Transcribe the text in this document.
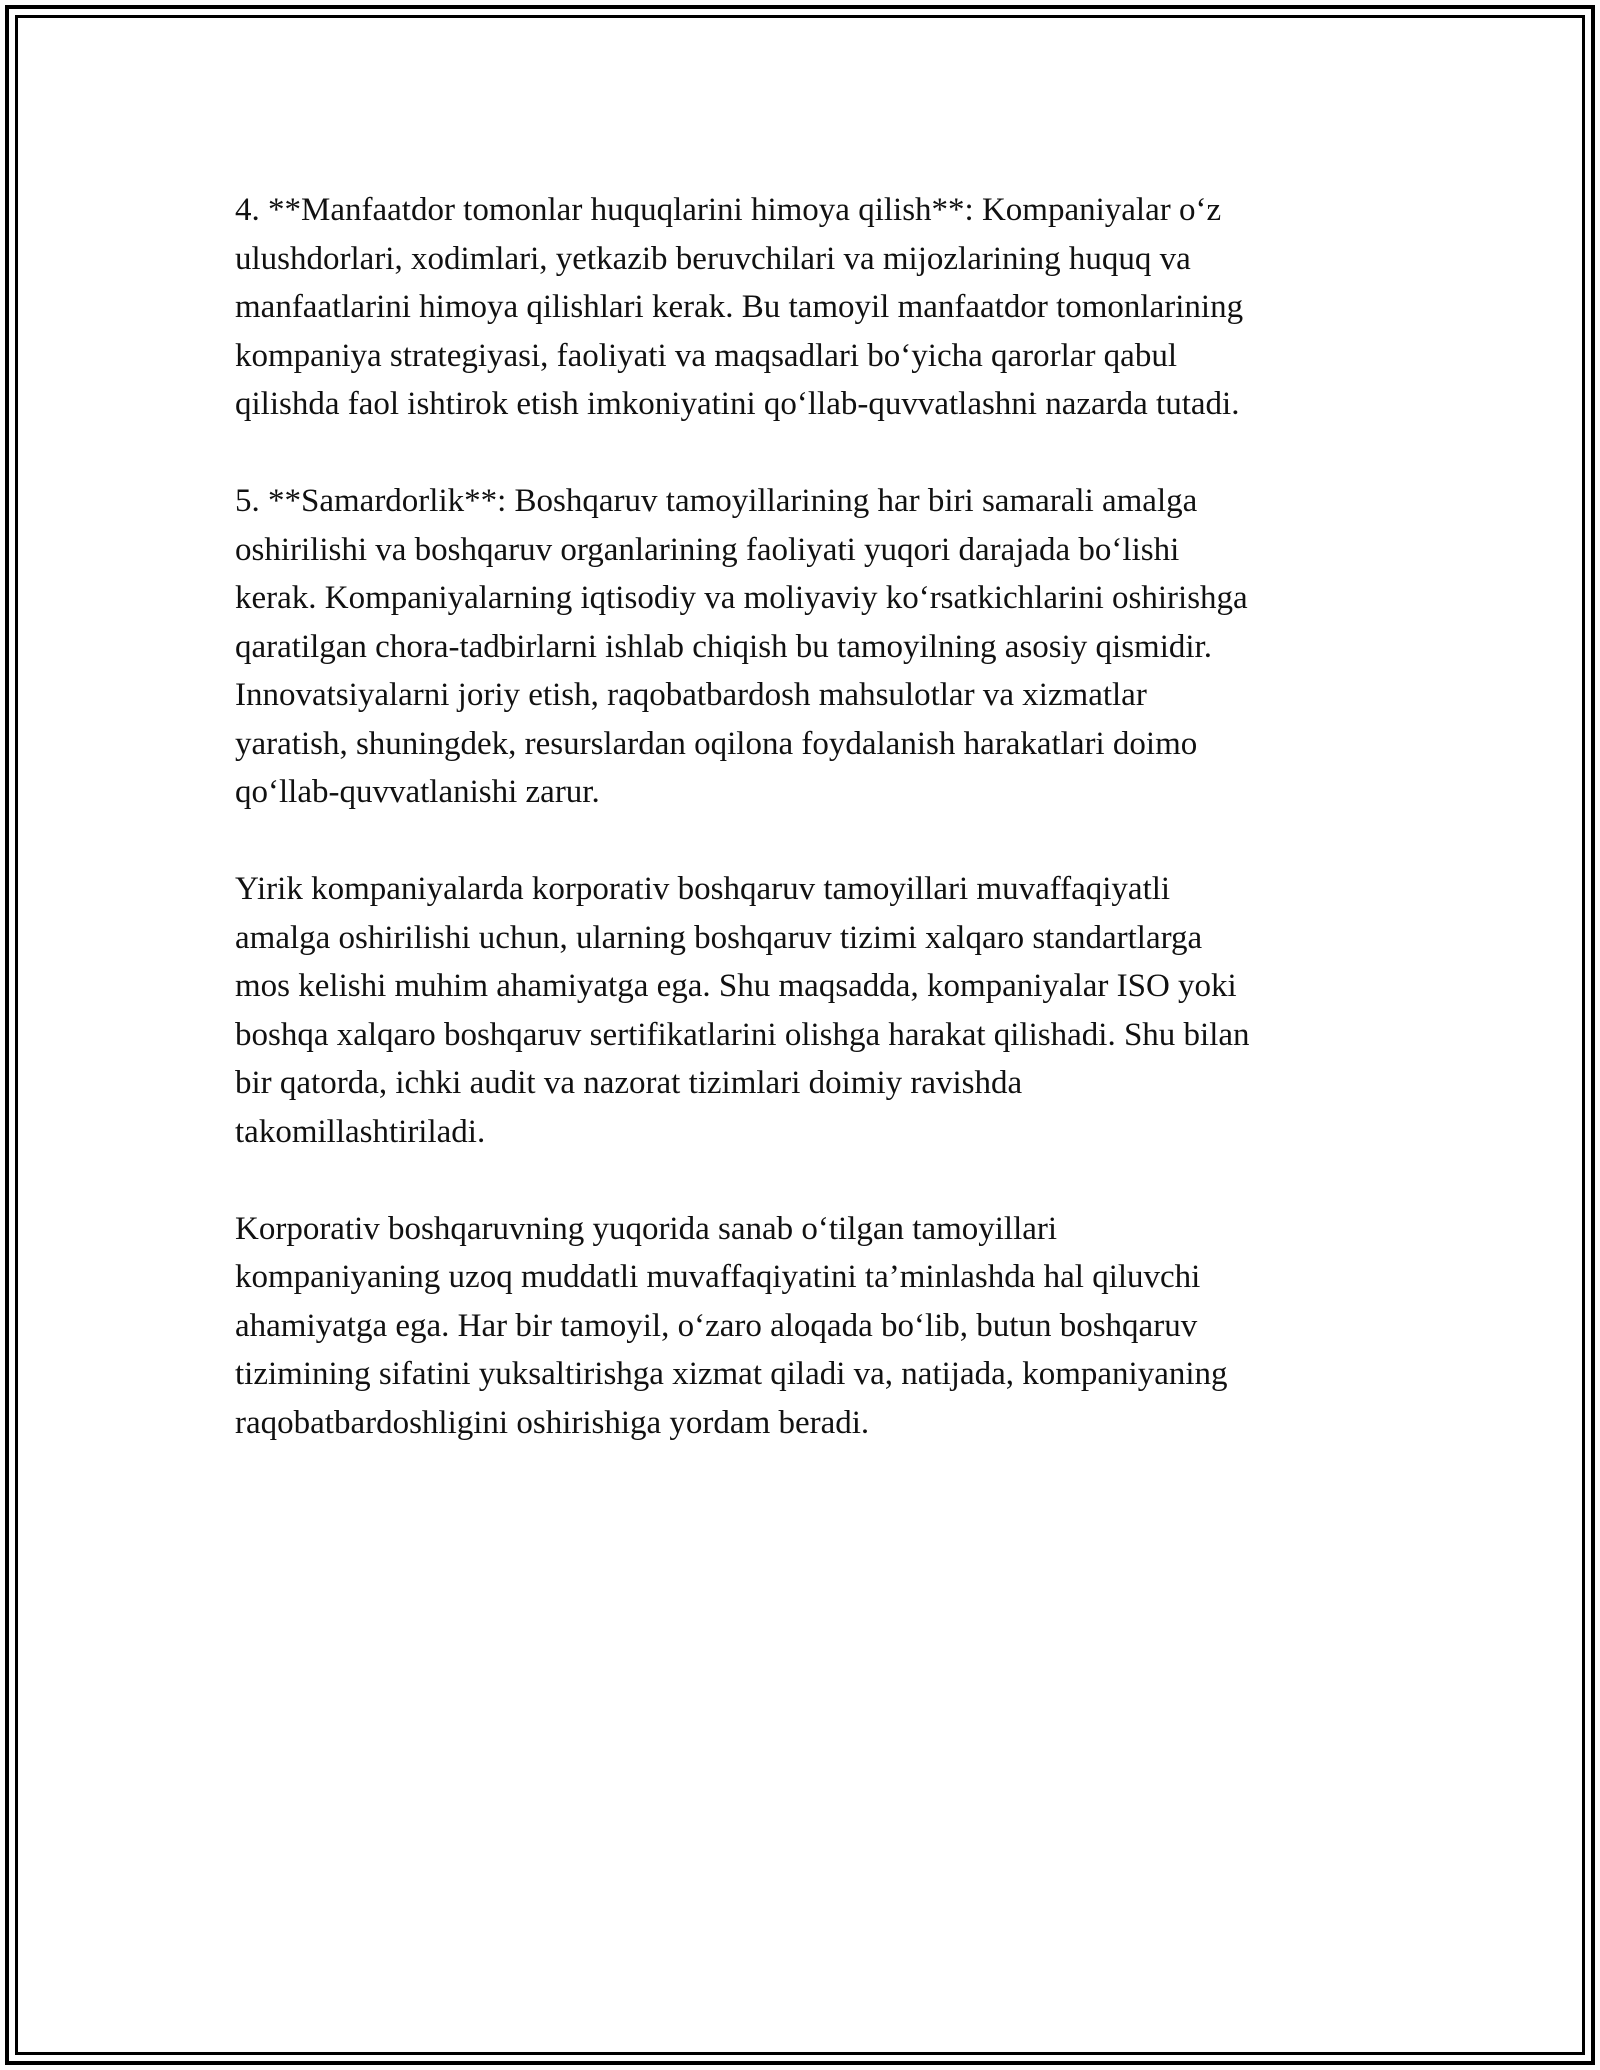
4. **Manfaatdor tomonlar huquqlarini himoya qilish**: Kompaniyalar o‘z
ulushdorlari, xodimlari, yetkazib beruvchilari va mijozlarining huquq va
manfaatlarini himoya qilishlari kerak. Bu tamoyil manfaatdor tomonlarining
kompaniya strategiyasi, faoliyati va maqsadlari bo‘yicha qarorlar qabul
qilishda faol ishtirok etish imkoniyatini qo‘llab-quvvatlashni nazarda tutadi.

5. **Samardorlik**: Boshqaruv tamoyillarining har biri samarali amalga
oshirilishi va boshqaruv organlarining faoliyati yuqori darajada bo‘lishi
kerak. Kompaniyalarning iqtisodiy va moliyaviy ko‘rsatkichlarini oshirishga
qaratilgan chora-tadbirlarni ishlab chiqish bu tamoyilning asosiy qismidir.
Innovatsiyalarni joriy etish, raqobatbardosh mahsulotlar va xizmatlar
yaratish, shuningdek, resurslardan oqilona foydalanish harakatlari doimo
qo‘llab-quvvatlanishi zarur.

Yirik kompaniyalarda korporativ boshqaruv tamoyillari muvaffaqiyatli
amalga oshirilishi uchun, ularning boshqaruv tizimi xalqaro standartlarga
mos kelishi muhim ahamiyatga ega. Shu maqsadda, kompaniyalar ISO yoki
boshqa xalqaro boshqaruv sertifikatlarini olishga harakat qilishadi. Shu bilan
bir qatorda, ichki audit va nazorat tizimlari doimiy ravishda
takomillashtiriladi.

Korporativ boshqaruvning yuqorida sanab o‘tilgan tamoyillari
kompaniyaning uzoq muddatli muvaffaqiyatini ta’minlashda hal qiluvchi
ahamiyatga ega. Har bir tamoyil, o‘zaro aloqada bo‘lib, butun boshqaruv
tizimining sifatini yuksaltirishga xizmat qiladi va, natijada, kompaniyaning
raqobatbardoshligini oshirishiga yordam beradi.
